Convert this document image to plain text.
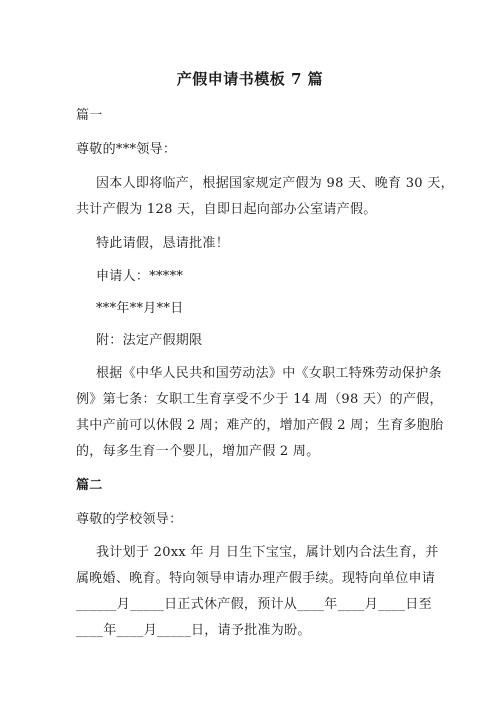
产假申请书模板 7 篇
篇一
尊敬的***领导：
因本人即将临产，根据国家规定产假为 98 天、晚育 30 天，
共计产假为 128 天，自即日起向部办公室请产假。
特此请假，恳请批准！
申请人：*****
***年**月**日
附：法定产假期限
根据《中华人民共和国劳动法》中《女职工特殊劳动保护条
例》第七条：女职工生育享受不少于 14 周（98 天）的产假，
其中产前可以休假 2 周；难产的，增加产假 2 周；生育多胞胎
的，每多生育一个婴儿，增加产假 2 周。
篇二
尊敬的学校领导：
我计划于 20xx 年 月 日生下宝宝，属计划内合法生育，并
属晚婚、晚育。特向领导申请办理产假手续。现特向单位申请
______月_____日正式休产假，预计从____年____月____日至
____年____月_____日，请予批准为盼。
